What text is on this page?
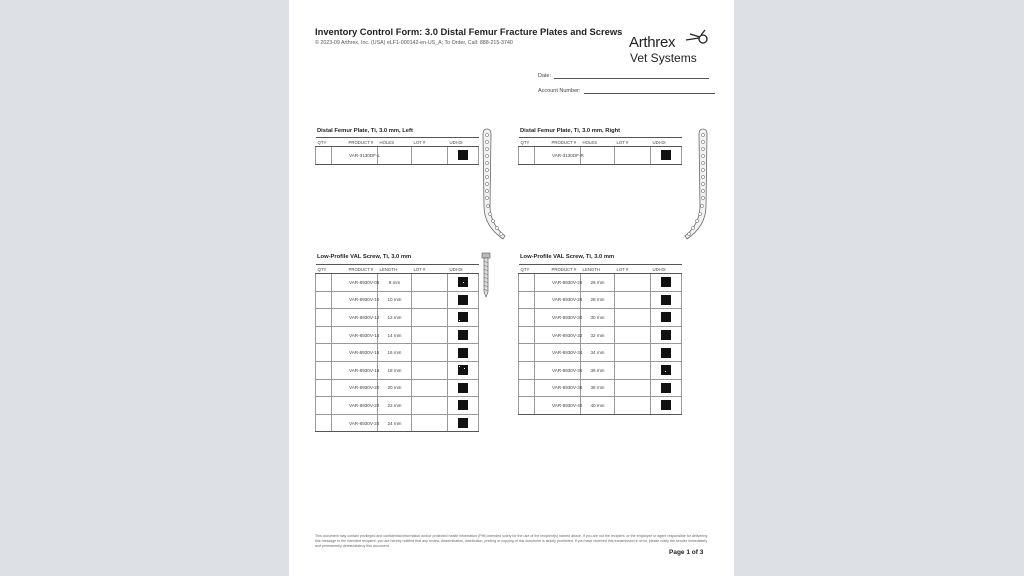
Inventory Control Form: 3.0 Distal Femur Fracture Plates and Screws
© 2023-09 Arthrex, Inc. (USA) eLF1-000142-en-US_A; To Order, Call: 888-215-3740	Arthrex
Vet Systems
Date:
Account Number:
Distal Femur Plate, Ti, 3.0 mm, Left
QTY	PRODUCT #	HOLES	LOT #	UDI-DI
	VAR-3130DF-L			
Distal Femur Plate, Ti, 3.0 mm, Right
QTY	PRODUCT #	HOLES	LOT #	UDI-DI
	VAR-3130DF-R			
Low-Profile VAL Screw, Ti, 3.0 mm
QTY	PRODUCT #	LENGTH	LOT #	UDI-DI
	VAR-8930V-08	8 mm		

	VAR-8930V-10	10 mm		

	VAR-8930V-12	12 mm		

	VAR-8930V-14	14 mm		

	VAR-8930V-16	16 mm		

	VAR-8930V-18	18 mm		

	VAR-8930V-20	20 mm		

	VAR-8930V-22	22 mm		

	VAR-8930V-24	24 mm		
Low-Profile VAL Screw, Ti, 3.0 mm
QTY	PRODUCT #	LENGTH	LOT #	UDI-DI
	VAR-8930V-26	26 mm		

	VAR-8930V-28	28 mm		

	VAR-8930V-30	30 mm		

	VAR-8930V-32	32 mm		

	VAR-8930V-34	34 mm		

	VAR-8930V-36	36 mm		

	VAR-8930V-38	38 mm		

	VAR-8930V-40	40 mm		
This document may contain privileged and confidential information and/or protected health information (PHI) intended solely for the use of the recipient(s) named above. If you are not the recipient, or the employee or agent responsible for delivering this message to the intended recipient, you are hereby notified that any review, dissemination, distribution, printing or copying of this document is strictly prohibited. If you have received this transmission in error, please notify the sender immediately and permanently delete/destroy this document.
Page 1 of 3
